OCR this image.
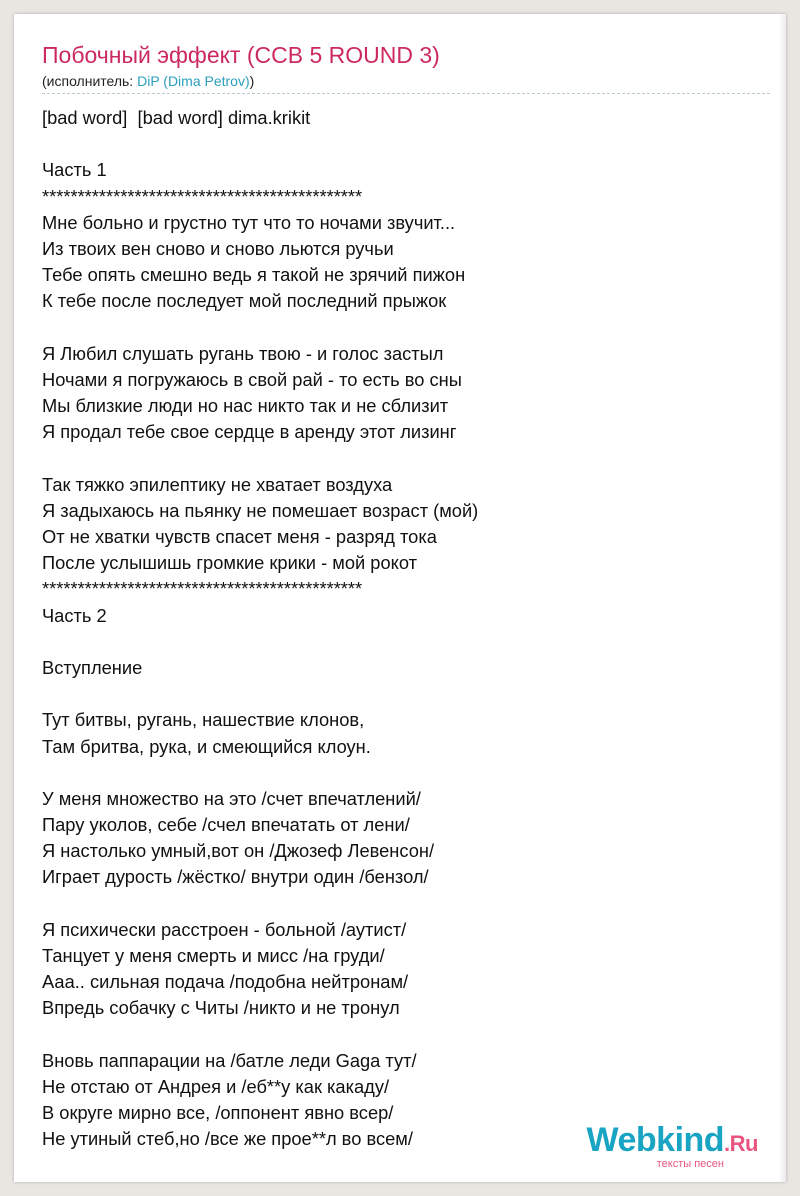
Побочный эффект (CCB 5 ROUND 3)
(исполнитель: DiP (Dima Petrov))
[bad word]  [bad word] dima.krikit
Часть 1
*********************************************
Мне больно и грустно тут что то ночами звучит...
Из твоих вен сново и сново льются ручьи
Тебе опять смешно ведь я такой не зрячий пижон
К тебе после последует мой последний прыжок
Я Любил слушать ругань твою - и голос застыл
Ночами я погружаюсь в свой рай - то есть во сны
Мы близкие люди но нас никто так и не сблизит
Я продал тебе свое сердце в аренду этот лизинг
Так тяжко эпилептику не хватает воздуха
Я задыхаюсь на пьянку не помешает возраст (мой)
От не хватки чувств спасет меня - разряд тока
После услышишь громкие крики - мой рокот
*********************************************
Часть 2
Вступление
Тут битвы, ругань, нашествие клонов,
Там бритва, рука, и смеющийся клоун.
У меня множество на это /счет впечатлений/
Пару уколов, себе /счел впечатать от лени/
Я настолько умный,вот он /Джозеф Левенсон/
Играет дурость /жёстко/ внутри один /бензол/
Я психически расстроен - больной /аутист/
Танцует у меня смерть и мисс /на груди/
Ааа.. сильная подача /подобна нейтронам/
Впредь собачку с Читы /никто и не тронул
Вновь паппарации на /батле леди Gaga тут/
Не отстаю от Андрея и /еб**у как какаду/
В округе мирно все, /оппонент явно всер/
Не утиный стеб,но /все же прое**л во всем/	Webkind.Ru
тексты песен
